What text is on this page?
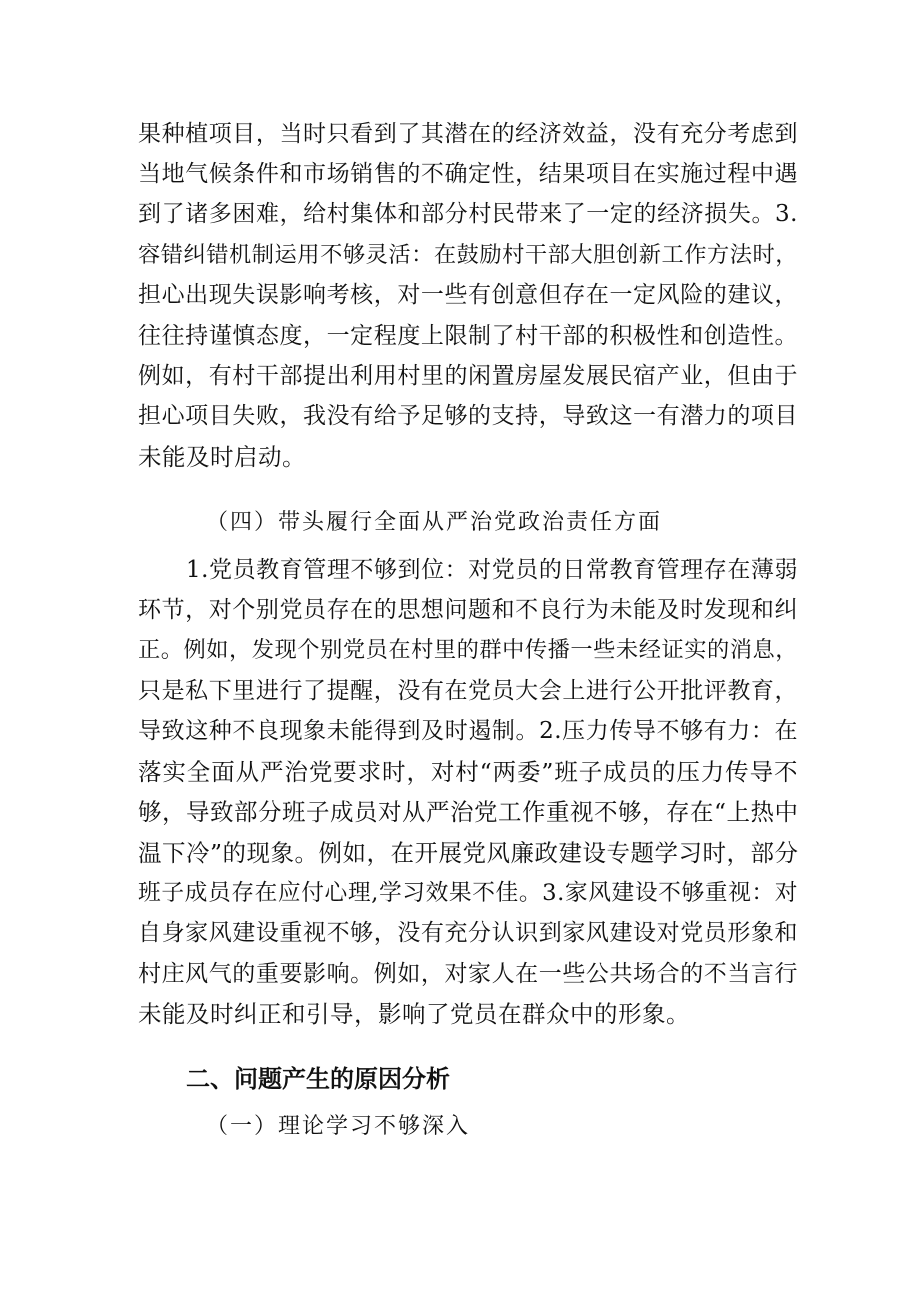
果种植项目，当时只看到了其潜在的经济效益，没有充分考虑到
当地气候条件和市场销售的不确定性，结果项目在实施过程中遇
到了诸多困难，给村集体和部分村民带来了一定的经济损失。3.
容错纠错机制运用不够灵活：在鼓励村干部大胆创新工作方法时，
担心出现失误影响考核，对一些有创意但存在一定风险的建议，
往往持谨慎态度，一定程度上限制了村干部的积极性和创造性。
例如，有村干部提出利用村里的闲置房屋发展民宿产业，但由于
担心项目失败，我没有给予足够的支持，导致这一有潜力的项目
未能及时启动。
（四）带头履行全面从严治党政治责任方面
1.党员教育管理不够到位：对党员的日常教育管理存在薄弱
环节，对个别党员存在的思想问题和不良行为未能及时发现和纠
正。例如，发现个别党员在村里的群中传播一些未经证实的消息，
只是私下里进行了提醒，没有在党员大会上进行公开批评教育，
导致这种不良现象未能得到及时遏制。2.压力传导不够有力：在
落实全面从严治党要求时，对村“两委”班子成员的压力传导不
够，导致部分班子成员对从严治党工作重视不够，存在“上热中
温下冷”的现象。例如，在开展党风廉政建设专题学习时，部分
班子成员存在应付心理,学习效果不佳。3.家风建设不够重视：对
自身家风建设重视不够，没有充分认识到家风建设对党员形象和
村庄风气的重要影响。例如，对家人在一些公共场合的不当言行
未能及时纠正和引导，影响了党员在群众中的形象。
二、问题产生的原因分析
（一）理论学习不够深入
